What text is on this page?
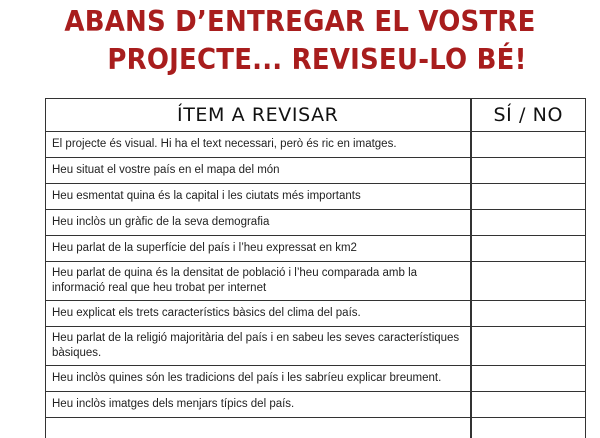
ABANS D’ENTREGAR EL VOSTRE
PROJECTE... REVISEU-LO BÉ!
ÍTEM A REVISAR	SÍ / NO
El projecte és visual. Hi ha el text necessari, però és ric en imatges.	
Heu situat el vostre país en el mapa del món	
Heu esmentat quina és la capital i les ciutats més importants	
Heu inclòs un gràfic de la seva demografia	
Heu parlat de la superfície del país i l’heu expressat en km2	
Heu parlat de quina és la densitat de població i l’heu comparada amb la informació real que heu trobat per internet	
Heu explicat els trets característics bàsics del clima del país.	
Heu parlat de la religió majoritària del país i en sabeu les seves característiques bàsiques.	
Heu inclòs quines són les tradicions del país i les sabríeu explicar breument.	
Heu inclòs imatges dels menjars típics del país.	
